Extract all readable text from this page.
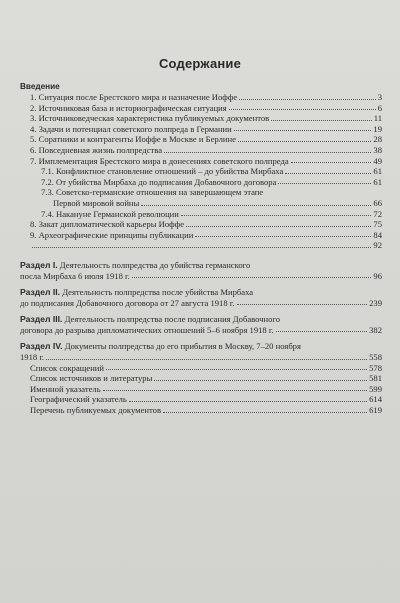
Содержание
Введение
1. Ситуация после Брестского мира и назначение Иоффе	3
2. Источниковая база и историографическая ситуация	6
3. Источниковедческая характеристика публикуемых документов	11
4. Задачи и потенциал советского полпреда в Германии	19
5. Соратники и контрагенты Иоффе в Москве и Берлине	28
6. Повседневная жизнь полпредства	38
7. Имплементация Брестского мира в донесениях советского полпреда	49
7.1. Конфликтное становление отношений – до убийства Мирбаха	61
7.2. От убийства Мирбаха до подписания Добавочного договора	61
7.3. Советско-германские отношения на завершающем этапе
Первой мировой войны	66
7.4. Накануне Германской революции	72
8. Закат дипломатической карьеры Иоффе	75
9. Археографические принципы публикации	84
92
Раздел I. Деятельность полпредства до убийства германского
посла Мирбаха 6 июля 1918 г.	96
Раздел II. Деятельность полпредства после убийства Мирбаха
до подписания Добавочного договора от 27 августа 1918 г.	239
Раздел III. Деятельность полпредства после подписания Добавочного
договора до разрыва дипломатических отношений 5–6 ноября 1918 г.	382
Раздел IV. Документы полпредства до его прибытия в Москву, 7–20 ноября
1918 г.	558
Список сокращений	578
Список источников и литературы	581
Именной указатель	599
Географический указатель	614
Перечень публикуемых документов	619
